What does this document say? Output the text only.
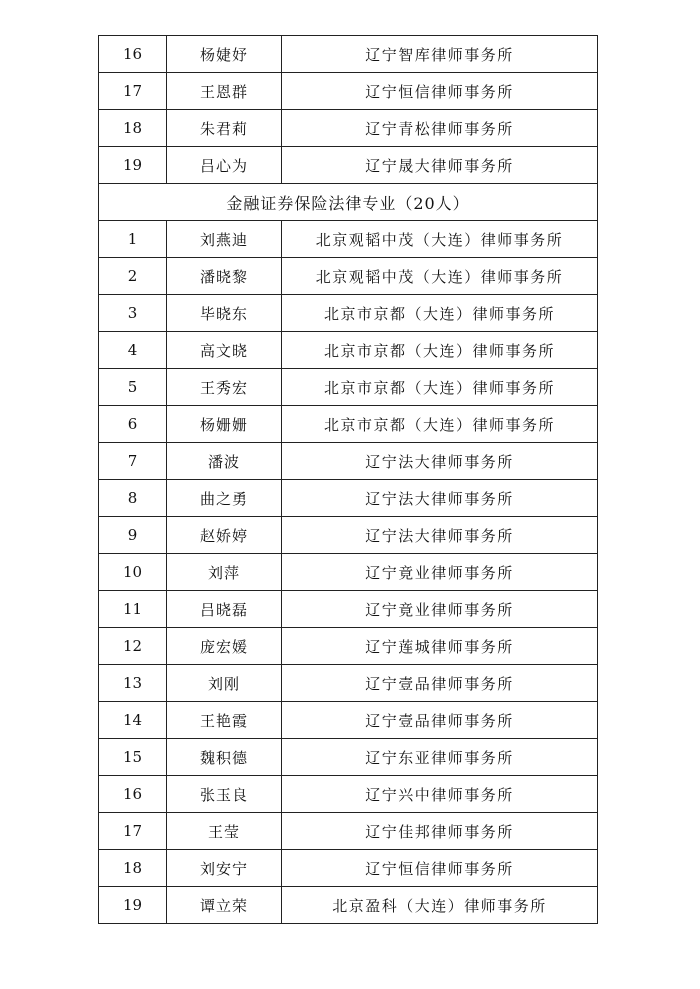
16	杨婕妤	辽宁智库律师事务所
17	王恩群	辽宁恒信律师事务所
18	朱君莉	辽宁青松律师事务所
19	吕心为	辽宁晟大律师事务所
金融证券保险法律专业（20人）		
1	刘燕迪	北京观韬中茂（大连）律师事务所
2	潘晓黎	北京观韬中茂（大连）律师事务所
3	毕晓东	北京市京都（大连）律师事务所
4	高文晓	北京市京都（大连）律师事务所
5	王秀宏	北京市京都（大连）律师事务所
6	杨姗姗	北京市京都（大连）律师事务所
7	潘波	辽宁法大律师事务所
8	曲之勇	辽宁法大律师事务所
9	赵娇婷	辽宁法大律师事务所
10	刘萍	辽宁竟业律师事务所
11	吕晓磊	辽宁竟业律师事务所
12	庞宏媛	辽宁莲城律师事务所
13	刘刚	辽宁壹品律师事务所
14	王艳霞	辽宁壹品律师事务所
15	魏积德	辽宁东亚律师事务所
16	张玉良	辽宁兴中律师事务所
17	王莹	辽宁佳邦律师事务所
18	刘安宁	辽宁恒信律师事务所
19	谭立荣	北京盈科（大连）律师事务所
